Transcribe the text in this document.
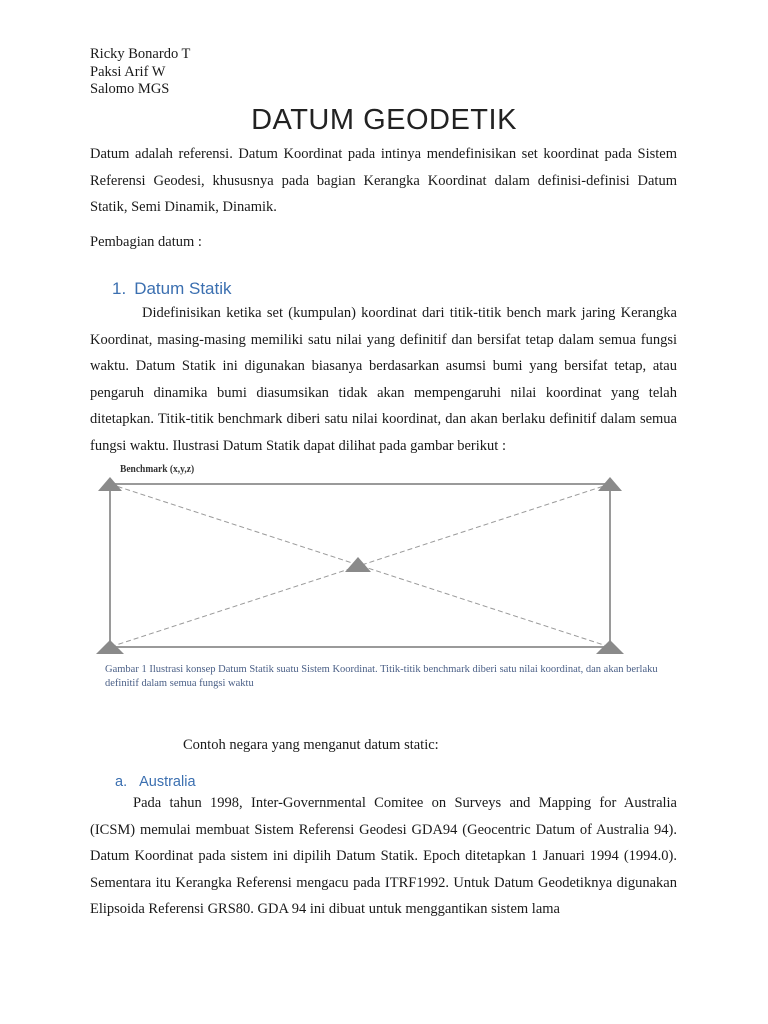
Ricky Bonardo T
Paksi Arif W
Salomo MGS
DATUM GEODETIK

Datum adalah referensi. Datum Koordinat pada intinya mendefinisikan set koordinat pada Sistem Referensi Geodesi, khususnya pada bagian Kerangka Koordinat dalam definisi-definisi Datum Statik, Semi Dinamik, Dinamik.

Pembagian datum :
1. Datum Statik

Didefinisikan ketika set (kumpulan) koordinat dari titik-titik bench mark jaring Kerangka Koordinat, masing-masing memiliki satu nilai yang definitif dan bersifat tetap dalam semua fungsi waktu. Datum Statik ini digunakan biasanya berdasarkan asumsi bumi yang bersifat tetap, atau pengaruh dinamika bumi diasumsikan tidak akan mempengaruhi nilai koordinat yang telah ditetapkan. Titik-titik benchmark diberi satu nilai koordinat, dan akan berlaku definitif dalam semua fungsi waktu. Ilustrasi Datum Statik dapat dilihat pada gambar berikut :

Benchmark (x,y,z)

Gambar 1 Ilustrasi konsep Datum Statik suatu Sistem Koordinat. Titik-titik benchmark diberi satu nilai koordinat, dan akan berlaku definitif dalam semua fungsi waktu

Contoh negara yang menganut datum static:
a. Australia

Pada tahun 1998, Inter-Governmental Comitee on Surveys and Mapping for Australia (ICSM) memulai membuat Sistem Referensi Geodesi GDA94 (Geocentric Datum of Australia 94). Datum Koordinat pada sistem ini dipilih Datum Statik. Epoch ditetapkan 1 Januari 1994 (1994.0). Sementara itu Kerangka Referensi mengacu pada ITRF1992. Untuk Datum Geodetiknya digunakan Elipsoida Referensi GRS80. GDA 94 ini dibuat untuk menggantikan sistem lama
